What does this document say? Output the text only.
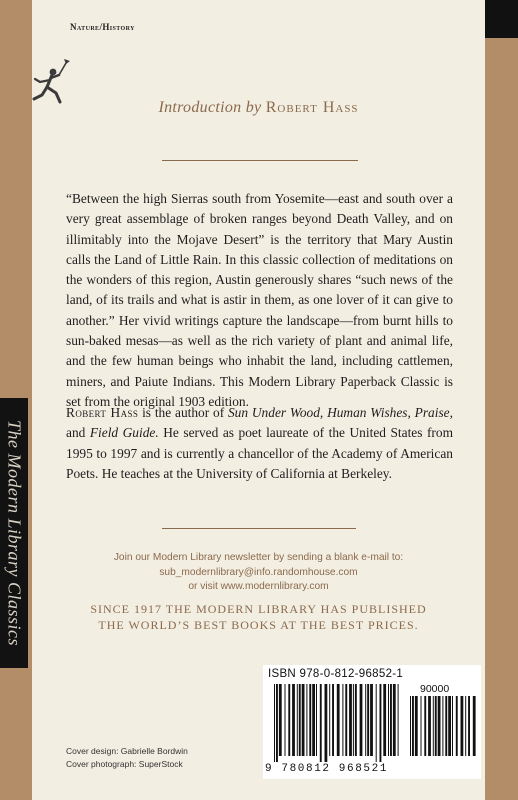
The Modern Library Classics
Nature/History
Introduction by Robert Hass
“Between the high Sierras south from Yosemite—east and south over a very great assemblage of broken ranges beyond Death Valley, and on illimitably into the Mojave Desert” is the territory that Mary Austin calls the Land of Little Rain. In this classic collection of meditations on the wonders of this region, Austin generously shares “such news of the land, of its trails and what is astir in them, as one lover of it can give to another.” Her vivid writings capture the landscape—from burnt hills to sun-baked mesas—as well as the rich variety of plant and animal life, and the few human beings who inhabit the land, including cattlemen, miners, and Paiute Indians. This Modern Library Paperback Classic is set from the original 1903 edition.
Robert Hass is the author of Sun Under Wood, Human Wishes, Praise, and Field Guide. He served as poet laureate of the United States from 1995 to 1997 and is currently a chancellor of the Academy of American Poets. He teaches at the University of California at Berkeley.
Join our Modern Library newsletter by sending a blank e-mail to:
sub_modernlibrary@info.randomhouse.com
or visit www.modernlibrary.com
SINCE 1917 THE MODERN LIBRARY HAS PUBLISHED
THE WORLD’S BEST BOOKS AT THE BEST PRICES.
ISBN 978-0-812-96852-1
90000
9 780812 968521
Cover design: Gabrielle Bordwin
Cover photograph: SuperStock
